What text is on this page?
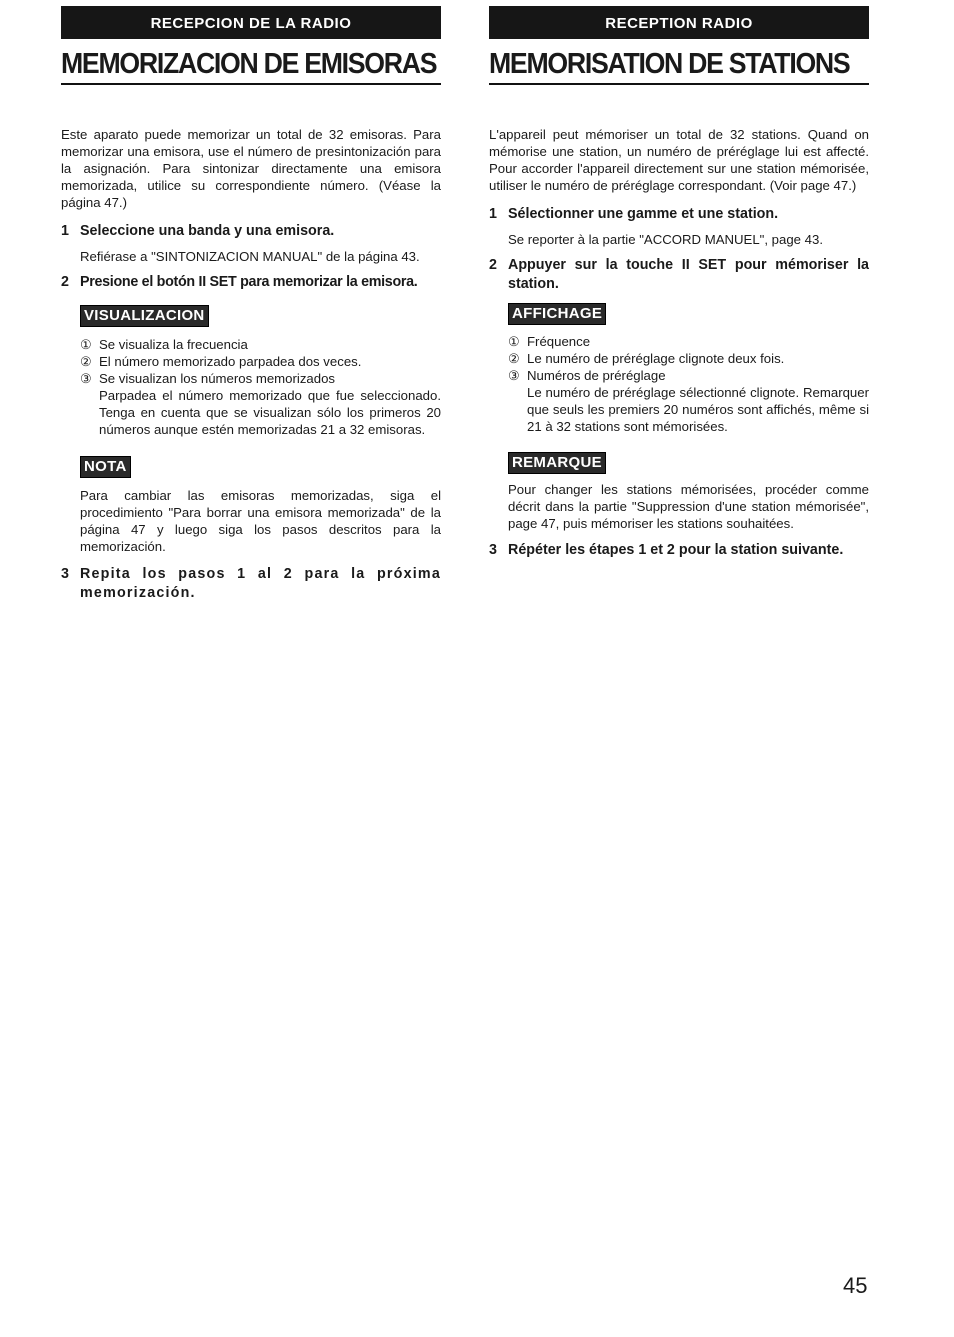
RECEPCION DE LA RADIO
MEMORIZACION DE EMISORAS
Este aparato puede memorizar un total de 32 emisoras. Para memorizar una emisora, use el número de presintonización para la asignación. Para sintonizar directamente una emisora memorizada, utilice su correspondiente número. (Véase la página 47.)
1 Seleccione una banda y una emisora.
Refiérase a "SINTONIZACION MANUAL" de la página 43.
2 Presione el botón II SET para memorizar la emisora.
VISUALIZACION
① Se visualiza la frecuencia
② El número memorizado parpadea dos veces.
③ Se visualizan los números memorizados
Parpadea el número memorizado que fue seleccionado. Tenga en cuenta que se visualizan sólo los primeros 20 números aunque estén memorizadas 21 a 32 emisoras.
NOTA
Para cambiar las emisoras memorizadas, siga el procedimiento "Para borrar una emisora memorizada" de la página 47 y luego siga los pasos descritos para la memorización.
3 Repita los pasos 1 al 2 para la próxima memorización.
RECEPTION RADIO
MEMORISATION DE STATIONS
L'appareil peut mémoriser un total de 32 stations. Quand on mémorise une station, un numéro de préréglage lui est affecté. Pour accorder l'appareil directement sur une station mémorisée, utiliser le numéro de préréglage correspondant. (Voir page 47.)
1 Sélectionner une gamme et une station.
Se reporter à la partie "ACCORD MANUEL", page 43.
2 Appuyer sur la touche II SET pour mémoriser la station.
AFFICHAGE
① Fréquence
② Le numéro de préréglage clignote deux fois.
③ Numéros de préréglage
Le numéro de préréglage sélectionné clignote. Remarquer que seuls les premiers 20 numéros sont affichés, même si 21 à 32 stations sont mémorisées.
REMARQUE
Pour changer les stations mémorisées, procéder comme décrit dans la partie "Suppression d'une station mémorisée", page 47, puis mémoriser les stations souhaitées.
3 Répéter les étapes 1 et 2 pour la station suivante.
45
